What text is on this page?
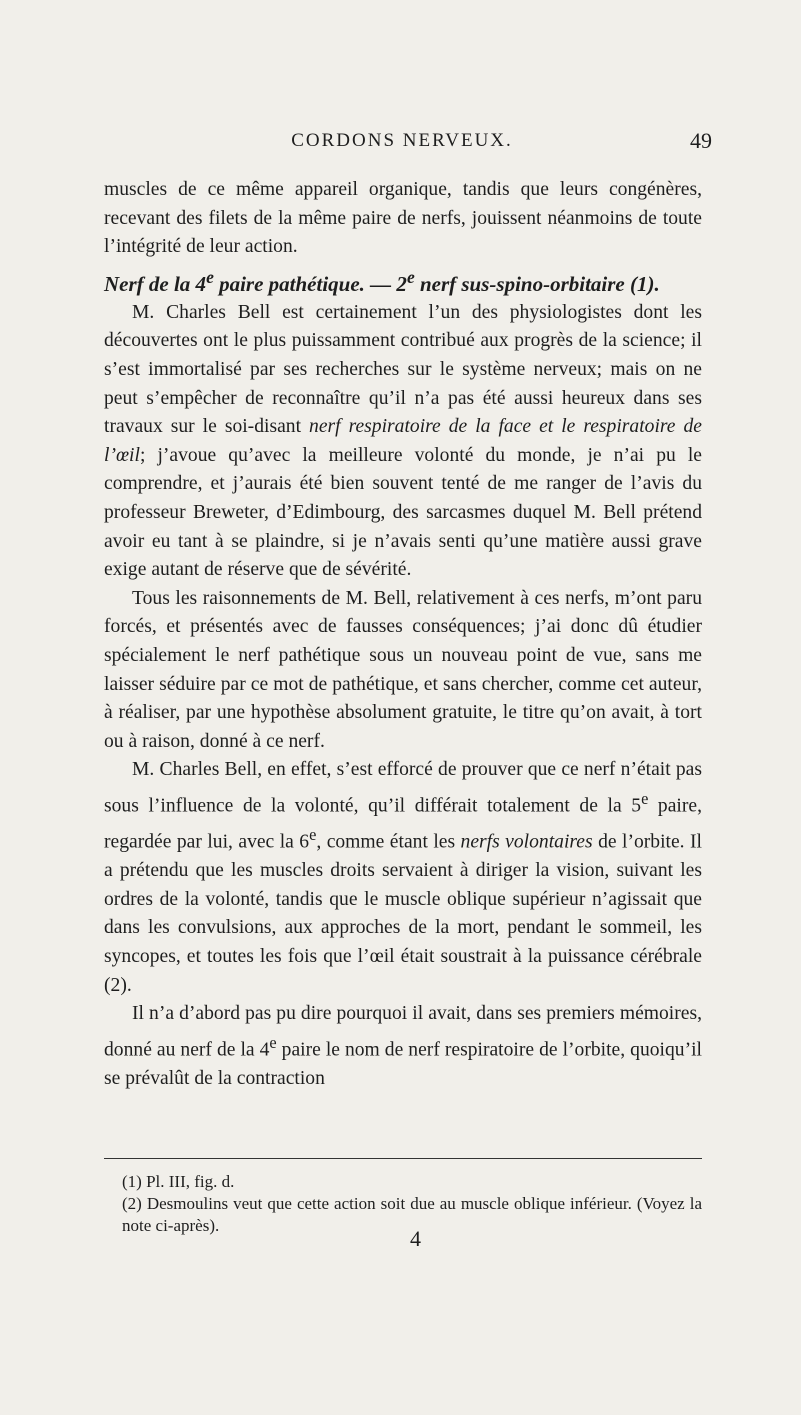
CORDONS NERVEUX.	49

muscles de ce même appareil organique, tandis que leurs congénères, recevant des filets de la même paire de nerfs, jouissent néanmoins de toute l’intégrité de leur action.

Nerf de la 4e paire pathétique. — 2e nerf sus-spino-orbitaire (1).

M. Charles Bell est certainement l’un des physiologistes dont les découvertes ont le plus puissamment contribué aux progrès de la science; il s’est immortalisé par ses recherches sur le système nerveux; mais on ne peut s’empêcher de reconnaître qu’il n’a pas été aussi heureux dans ses travaux sur le soi-disant nerf respiratoire de la face et le respiratoire de l’œil; j’avoue qu’avec la meilleure volonté du monde, je n’ai pu le comprendre, et j’aurais été bien souvent tenté de me ranger de l’avis du professeur Breweter, d’Edimbourg, des sarcasmes duquel M. Bell prétend avoir eu tant à se plaindre, si je n’avais senti qu’une matière aussi grave exige autant de réserve que de sévérité.

Tous les raisonnements de M. Bell, relativement à ces nerfs, m’ont paru forcés, et présentés avec de fausses conséquences; j’ai donc dû étudier spécialement le nerf pathétique sous un nouveau point de vue, sans me laisser séduire par ce mot de pathétique, et sans chercher, comme cet auteur, à réaliser, par une hypothèse absolument gratuite, le titre qu’on avait, à tort ou à raison, donné à ce nerf.

M. Charles Bell, en effet, s’est efforcé de prouver que ce nerf n’était pas sous l’influence de la volonté, qu’il différait totalement de la 5e paire, regardée par lui, avec la 6e, comme étant les nerfs volontaires de l’orbite. Il a prétendu que les muscles droits servaient à diriger la vision, suivant les ordres de la volonté, tandis que le muscle oblique supérieur n’agissait que dans les convulsions, aux approches de la mort, pendant le sommeil, les syncopes, et toutes les fois que l’œil était soustrait à la puissance cérébrale (2).

Il n’a d’abord pas pu dire pourquoi il avait, dans ses premiers mémoires, donné au nerf de la 4e paire le nom de nerf respiratoire de l’orbite, quoiqu’il se prévalût de la contraction

(1) Pl. III, fig. d.

(2) Desmoulins veut que cette action soit due au muscle oblique inférieur. (Voyez la note ci-après).

4
